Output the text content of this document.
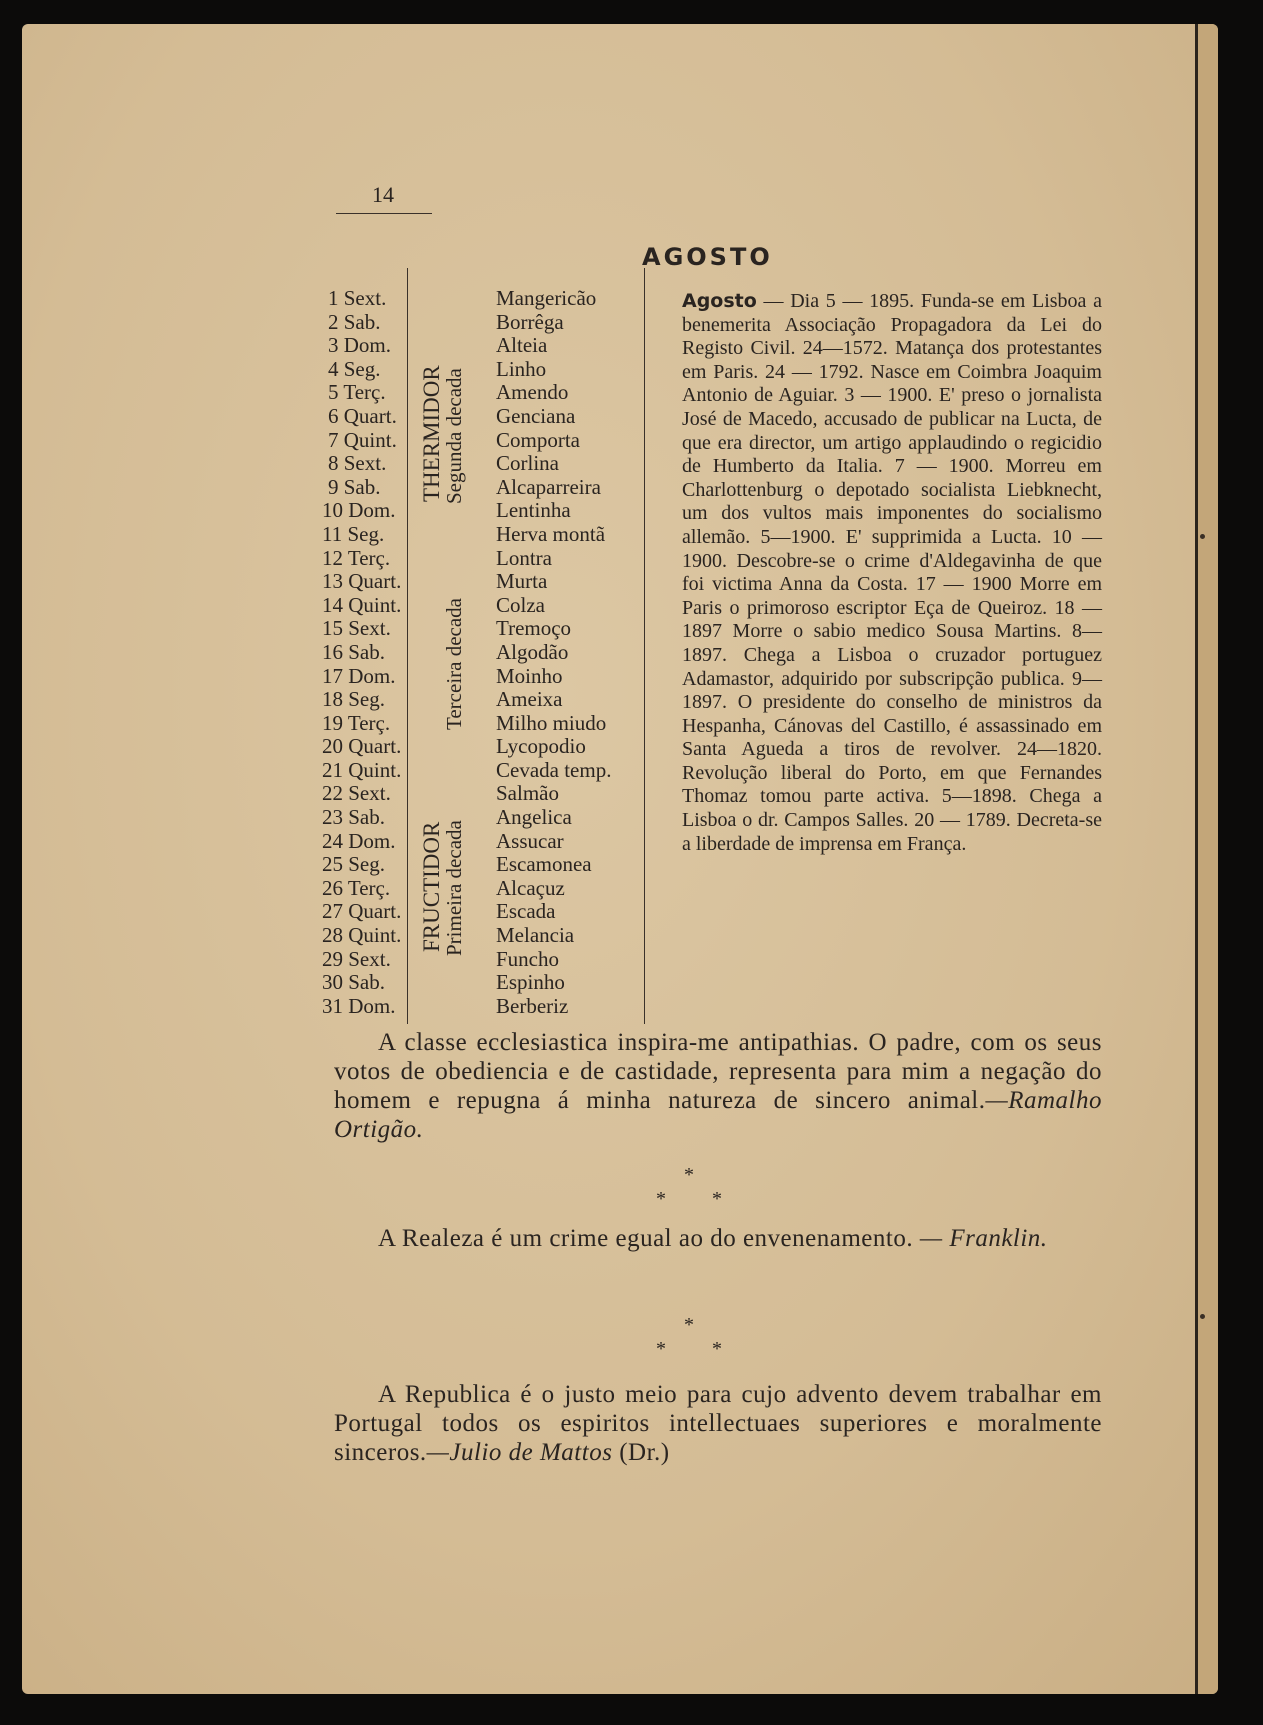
14
AGOSTO
1 Sext.
2 Sab.
3 Dom.
4 Seg.
5 Terç.
6 Quart.
7 Quint.
8 Sext.
9 Sab.
10 Dom.
11 Seg.
12 Terç.
13 Quart.
14 Quint.
15 Sext.
16 Sab.
17 Dom.
18 Seg.
19 Terç.
20 Quart.
21 Quint.
22 Sext.
23 Sab.
24 Dom.
25 Seg.
26 Terç.
27 Quart.
28 Quint.
29 Sext.
30 Sab.
31 Dom.
Mangericão
Borrêga
Alteia
Linho
Amendo
Genciana
Comporta
Corlina
Alcaparreira
Lentinha
Herva montã
Lontra
Murta
Colza
Tremoço
Algodão
Moinho
Ameixa
Milho miudo
Lycopodio
Cevada temp.
Salmão
Angelica
Assucar
Escamonea
Alcaçuz
Escada
Melancia
Funcho
Espinho
Berberiz
THERMIDOR
Segunda decada
Terceira decada
FRUCTIDOR
Primeira decada
Agosto — Dia 5 — 1895. Funda-se em Lisboa a benemerita Associação Propagadora da Lei do Registo Civil. 24—1572. Matança dos protestantes em Paris. 24 — 1792. Nasce em Coimbra Joaquim Antonio de Aguiar. 3 — 1900. E' preso o jornalista José de Macedo, accusado de publicar na Lucta, de que era director, um artigo applaudindo o regicidio de Humberto da Italia. 7 — 1900. Morreu em Charlottenburg o depotado socialista Liebknecht, um dos vultos mais imponentes do socialismo allemão. 5—1900. E' supprimida a Lucta. 10 — 1900. Descobre-se o crime d'Aldegavinha de que foi victima Anna da Costa. 17 — 1900 Morre em Paris o primoroso escriptor Eça de Queiroz. 18 — 1897 Morre o sabio medico Sousa Martins. 8—1897. Chega a Lisboa o cruzador portuguez Adamastor, adquirido por subscripção publica. 9— 1897. O presidente do conselho de ministros da Hespanha, Cánovas del Castillo, é assassinado em Santa Agueda a tiros de revolver. 24—1820. Revolução liberal do Porto, em que Fernandes Thomaz tomou parte activa. 5—1898. Chega a Lisboa o dr. Campos Salles. 20 — 1789. Decreta-se a liberdade de imprensa em França.
A classe ecclesiastica inspira-me antipathias. O padre, com os seus votos de obediencia e de castidade, representa para mim a negação do homem e repugna á minha natureza de sincero animal.—Ramalho Ortigão.
*
* *
A Realeza é um crime egual ao do envenenamento. — Franklin.
*
* *
A Republica é o justo meio para cujo advento devem trabalhar em Portugal todos os espiritos intellectuaes superiores e moralmente sinceros.—Julio de Mattos (Dr.)
